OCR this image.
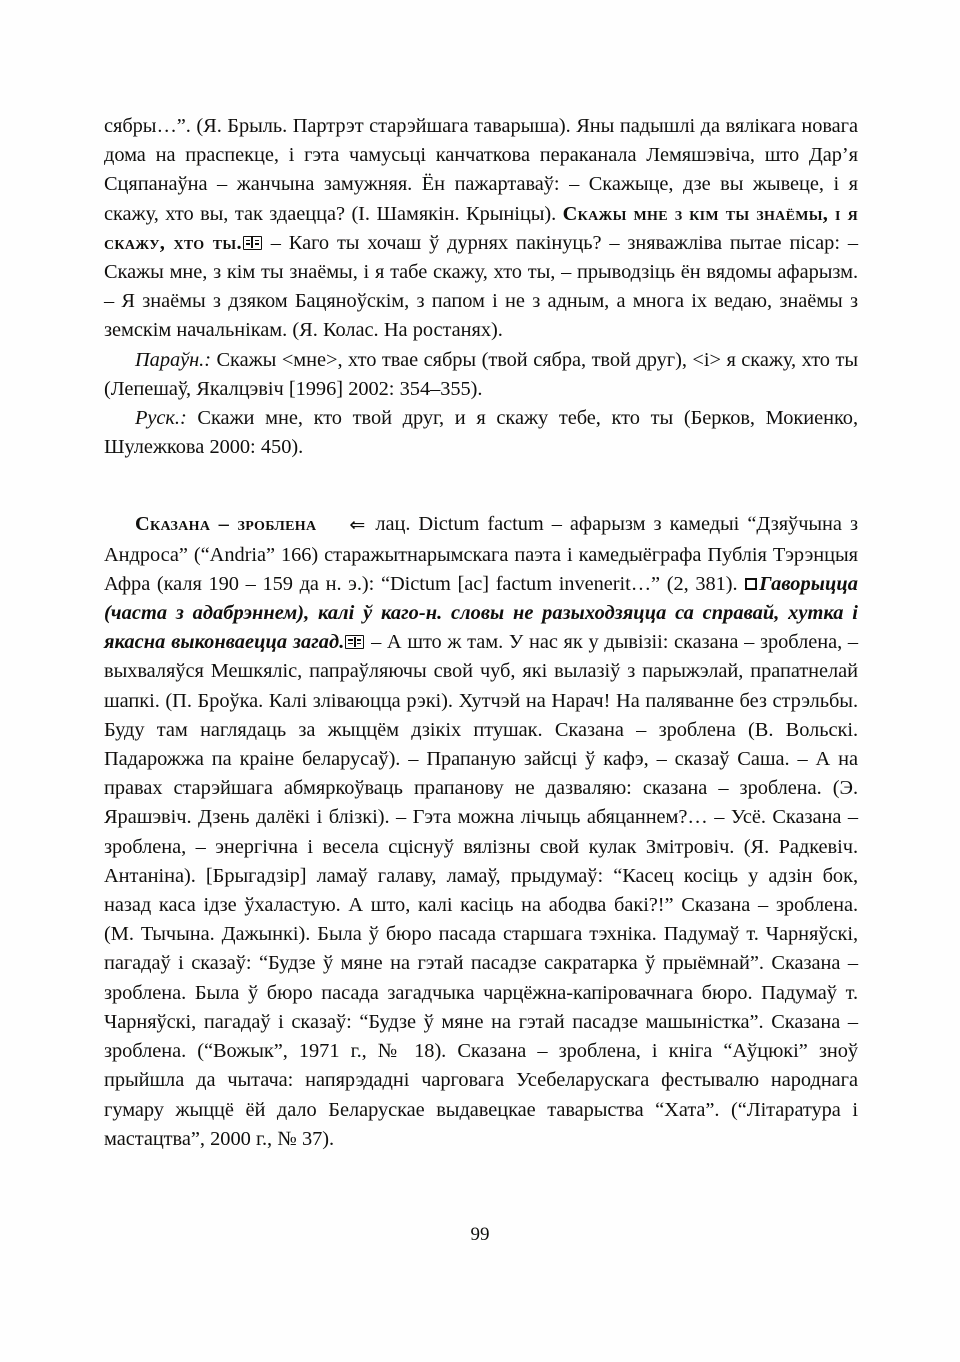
сябры…”. (Я. Брыль. Партрэт старэйшага таварыша). Яны падышлі да вялікага новага дома на праспекце, і гэта чамусьці канчаткова пераканала Лемяшэвіча, што Дар’я Сцяпанаўна – жанчына замужняя. Ён пажартаваў: – Скажыце, дзе вы жывеце, і я скажу, хто вы, так здаецца? (І. Шамякін. Крыніцы). Скажы мне з кім ты знаёмы, і я скажу, хто ты.
– Каго ты хочаш ў дурнях пакінуць? – зняважліва пытае пісар: – Скажы мне, з кім ты знаёмы, і я табе скажу, хто ты, – прыводзіць ён вядомы афарызм. – Я знаёмы з дзяком Бацяноўскім, з папом і не з адным, а многа іх ведаю, знаёмы з земскім начальнікам. (Я. Колас. На ростанях).

Параўн.: Скажы <мне>, хто твае сябры (твой сябра, твой друг), <і> я скажу, хто ты (Лепешаў, Якалцэвіч [1996] 2002: 354–355).

Руск.: Скажи мне, кто твой друг, и я скажу тебе, кто ты (Берков, Мокиенко, Шулежкова 2000: 450).

Сказана – зроблена ⇐ лац. Dictum factum – афарызм з камедыі “Дзяўчына з Андроса” (“Andria” 166) старажытнарымскага паэта і камедыёграфа Публія Тэрэнцыя Афра (каля 190 – 159 да н. э.): “Dictum [ac] factum invenerit…” (2, 381). Гаворыцца (часта з адабрэннем), калі ў каго-н. словы не разыходзяцца са справай, хутка і якасна выконваецца загад.
– А што ж там. У нас як у дывізіі: сказана – зроблена, – выхваляўся Мешкяліс, папраўляючы свой чуб, які вылазіў з парыжэлай, прапатнелай шапкі. (П. Броўка. Калі зліваюцца рэкі). Хутчэй на Нарач! На паляванне без стрэльбы. Буду там наглядаць за жыццём дзікіх птушак. Сказана – зроблена (В. Вольскі. Падарожжа па краіне беларусаў). – Прапаную зайсці ў кафэ, – сказаў Саша. – А на правах старэйшага абмяркоўваць прапанову не дазваляю: сказана – зроблена. (Э. Ярашэвіч. Дзень далёкі і блізкі). – Гэта можна лічыць абяцаннем?… – Усё. Сказана – зроблена, – энергічна і весела сціснуў вялізны свой кулак Змітровіч. (Я. Радкевіч. Антаніна). [Брыгадзір] ламаў галаву, ламаў, прыдумаў: “Касец косіць у адзін бок, назад каса ідзе ўхаластую. А што, калі касіць на абодва бакі?!” Сказана – зроблена. (М. Тычына. Дажынкі). Была ў бюро пасада старшага тэхніка. Падумаў т. Чарняўскі, пагадаў і сказаў: “Будзе ў мяне на гэтай пасадзе сакратарка ў прыёмнай”. Сказана – зроблена. Была ў бюро пасада загадчыка чарцёжна-капіровачнага бюро. Падумаў т. Чарняўскі, пагадаў і сказаў: “Будзе ў мяне на гэтай пасадзе машыністка”. Сказана – зроблена. (“Вожык”, 1971 г., № 18). Сказана – зроблена, і кніга “Аўцюкі” зноў прыйшла да чытача: напярэдадні чарговага Усебеларускага фестывалю народнага гумару жыццё ёй дало Беларускае выдавецкае таварыства “Хата”. (“Літаратура і мастацтва”, 2000 г., № 37).

99
